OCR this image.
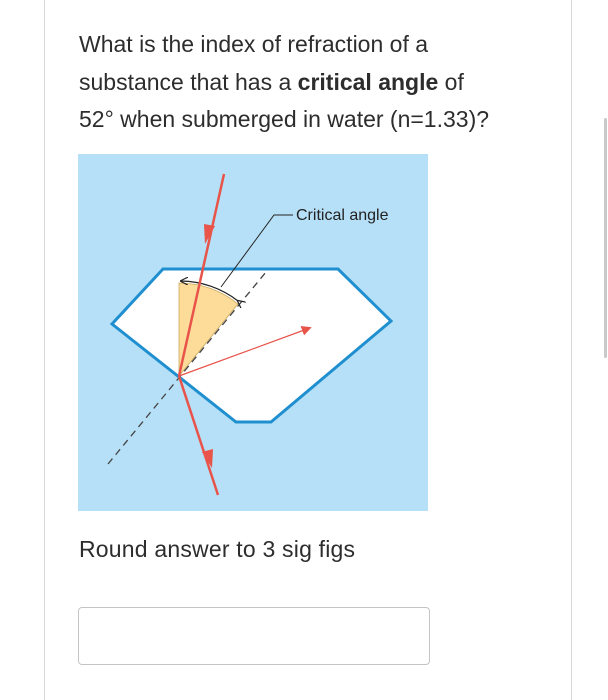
What is the index of refraction of a
substance that has a critical angle of
52° when submerged in water (n=1.33)?
Critical angle
Round answer to 3 sig figs
